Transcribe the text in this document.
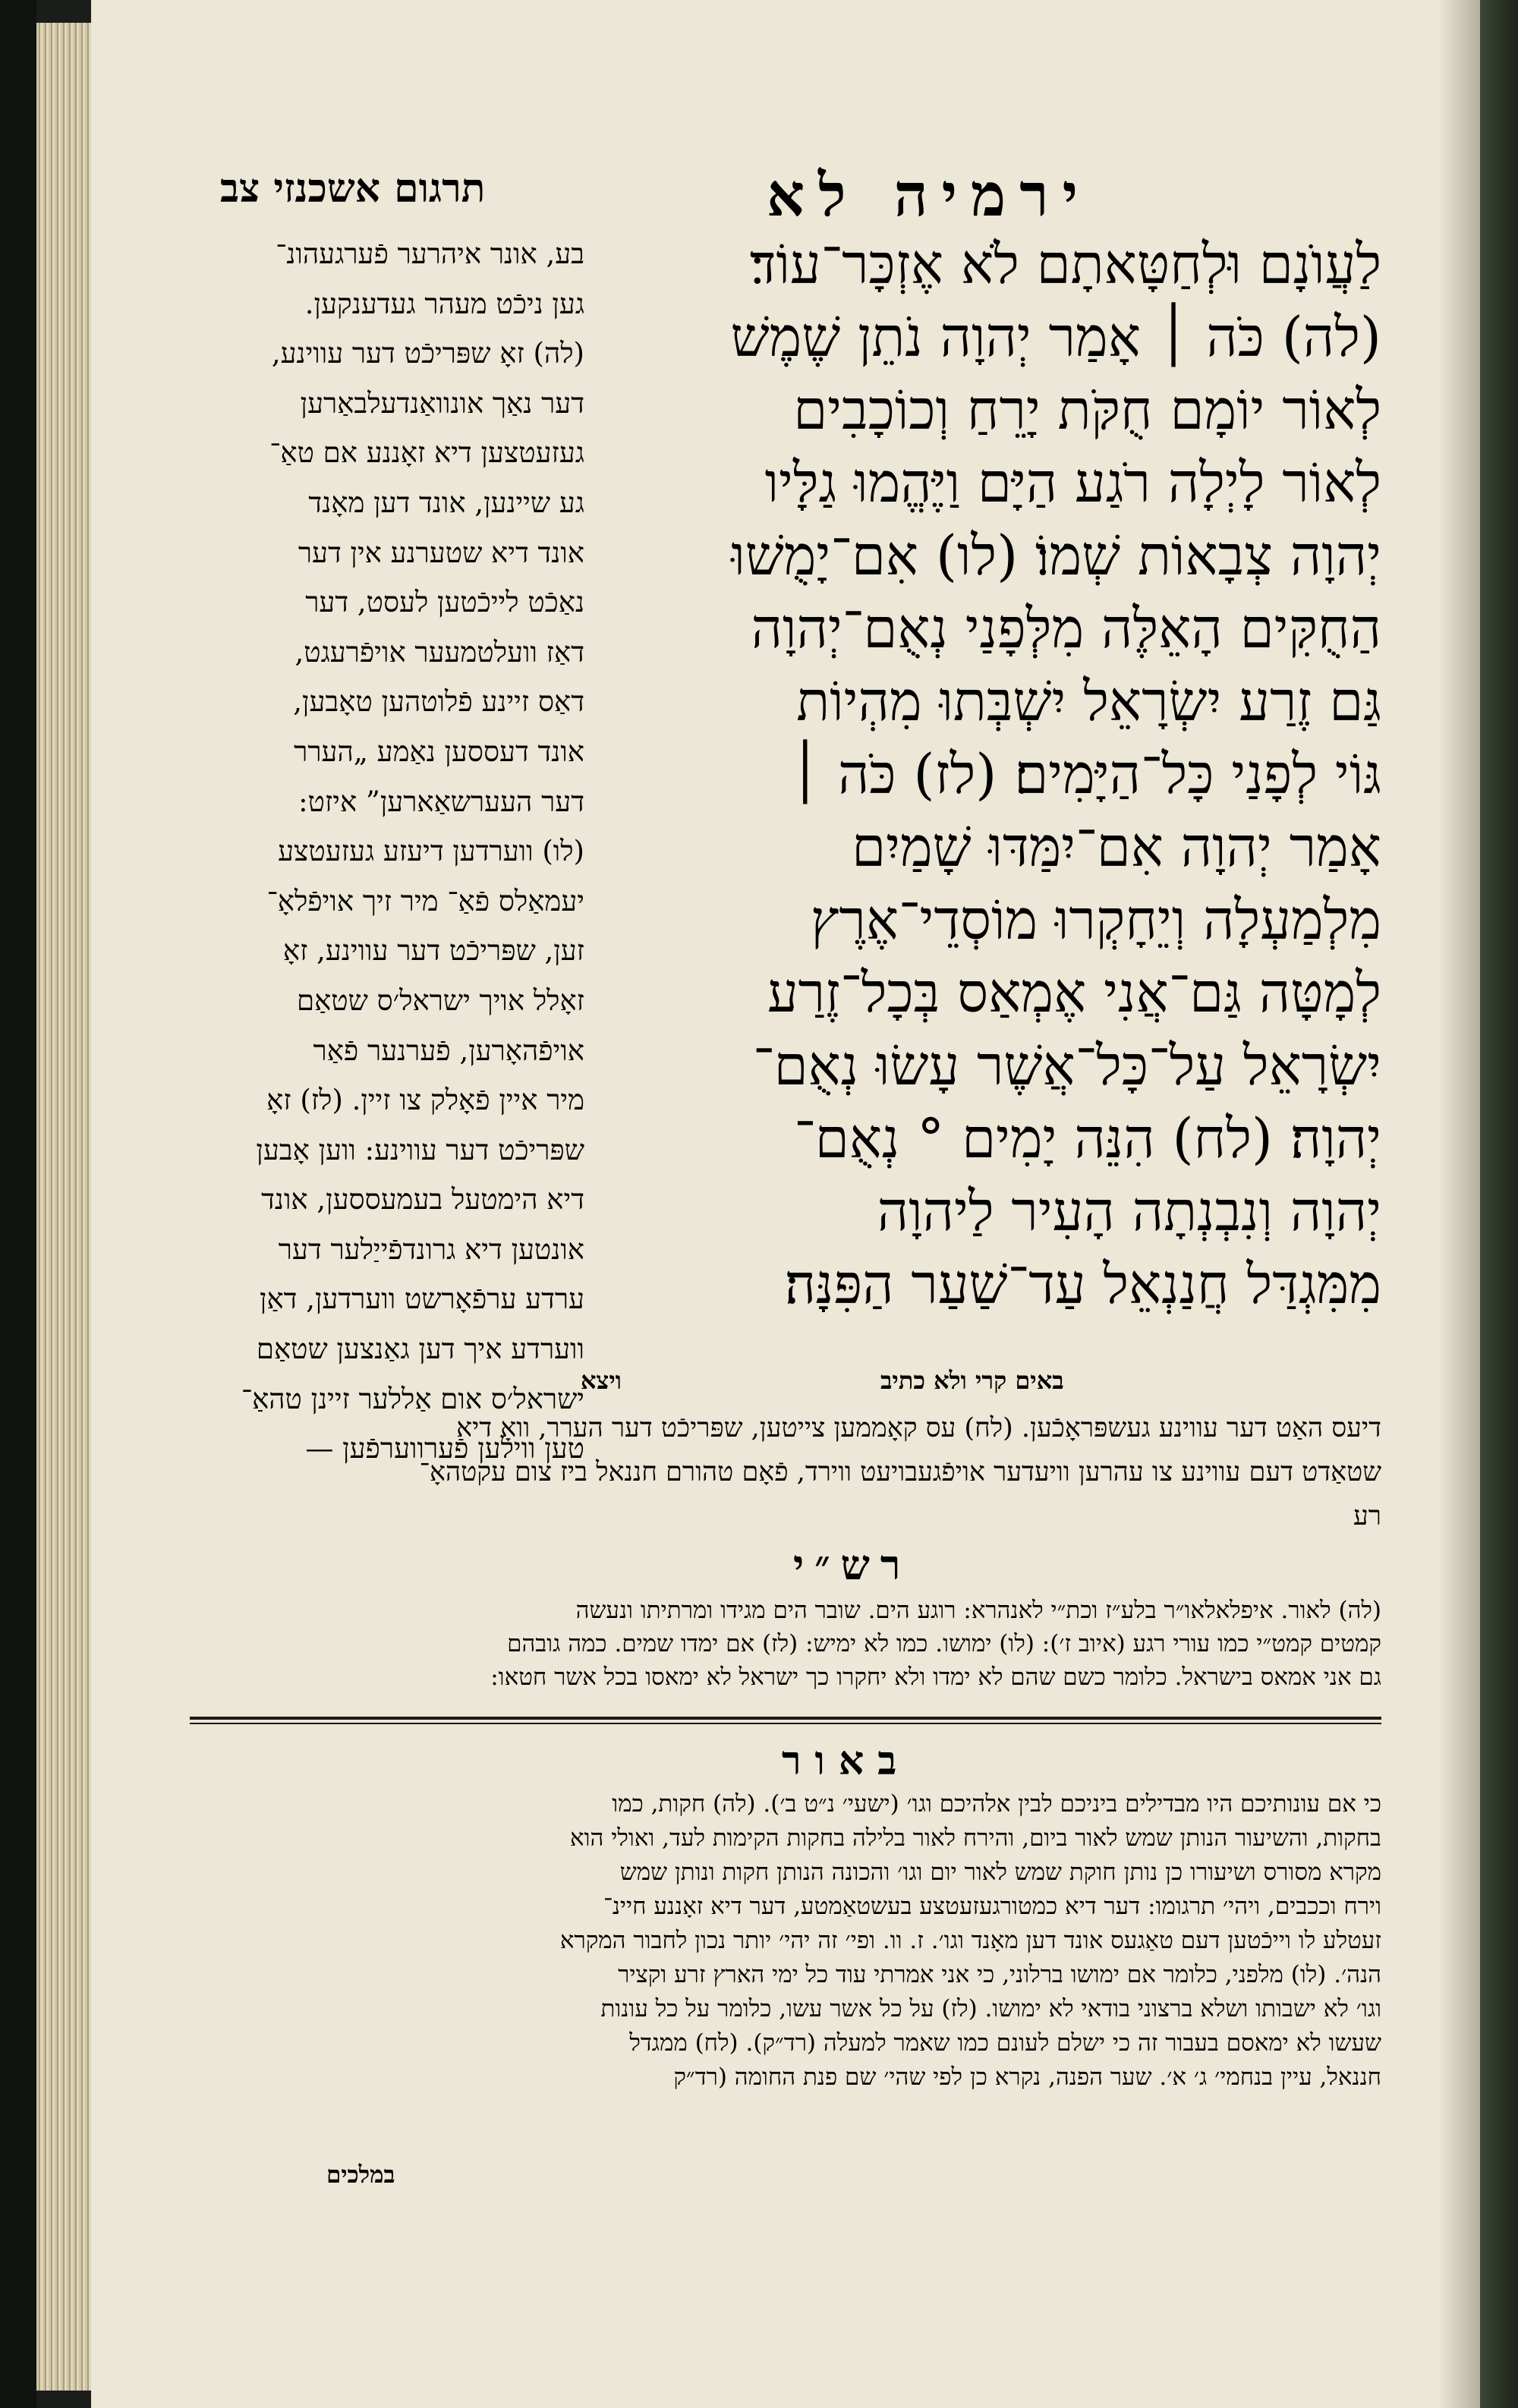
תרגום אשכנזי צב	ירמיה לא
לַעֲוֺנָם וּלְחַטָּאתָם לֹא אֶזְכָּר־עוֹד׃
(לה) כֹּה ׀ אָמַר יְהוָה נֹתֵן שֶׁמֶשׁ
לְאוֹר יוֹמָם חֻקֹּת יָרֵחַ וְכוֹכָבִים
לְאוֹר לָיְלָה רֹגַע הַיָּם וַיֶּהֱמוּ גַלָּיו
יְהוָה צְבָאוֹת שְׁמוֹ׃ (לו) אִם־יָמֻשׁוּ
הַחֻקִּים הָאֵלֶּה מִלְּפָנַי נְאֻם־יְהוָה
גַּם זֶרַע יִשְׂרָאֵל יִשְׁבְּתוּ מִהְיוֹת
גּוֹי לְפָנַי כָּל־הַיָּמִים׃ (לז) כֹּה ׀
אָמַר יְהוָה אִם־יִמַּדּוּ שָׁמַיִם
מִלְמַעְלָה וְיֵחָקְרוּ מוֹסְדֵי־אֶרֶץ
לְמָטָּה גַּם־אֲנִי אֶמְאַס בְּכָל־זֶרַע
יִשְׂרָאֵל עַל־כָּל־אֲשֶׁר עָשׂוּ נְאֻם־
יְהוָה׃ (לח) הִנֵּה יָמִים ° נְאֻם־
יְהוָה וְנִבְנְתָה הָעִיר לַיהוָה
מִמִּגְדַּל חֲנַנְאֵל עַד־שַׁעַר הַפִּנָּה׃
בע, אונר איהרער פֿערגעהונ־
גען ניכֿט מעהר געדענקען.
(לה) זאָ שפּריכֿט דער עווינע,
דער נאַך אונוואַנדעלבאַרען
געזעטצען דיא זאָננע אם טאַ־
גע שיינען, אונד דען מאָנד
אונד דיא שטערנע אין דער
נאַכֿט לייכֿטען לעסט, דער
דאַז וועלטמעער אויפֿרעגט,
דאַס זיינע פֿלוטהען טאָבען,
אונד דעססען נאַמע „הערר
דער העערשאַארען” איזט:
(לו) ווערדען דיעזע געזעטצע
יעמאַלס פֿאַ־ מיר זיך אויפֿלאָ־
זען, שפּריכֿט דער עווינע, זאָ
זאָלל אויך ישראל׳ס שטאַם
אויפֿהאָרען, פֿערנער פֿאַר
מיר איין פֿאָלק צו זיין. (לז) זאָ
שפּריכֿט דער עווינע: ווען אָבען
דיא הימטעל בעמעססען, אונד
אונטען דיא גרונדפֿייַלער דער
ערדע ערפֿאָרשט ווערדען, דאַן
ווערדע איך דען גאַנצען שטאַם
ישראל׳ס אום אַללער זיינן טהאַ־
טען ווילען פֿערווערפֿען —
ויצא	באים קרי ולא כתיב
דיעס האַט דער עווינע געשפּראָכֿען. (לח) עס קאָממען צייטען, שפּריכֿט דער הערר, וואָ דיא
שטאַדט דעם עווינע צו עהרען וויעדער אויפֿגעבויעט ווירד, פֿאָם טהורם חננאל ביז צום עקטהאָ־
רע
רש״י
(לה) לאור. איפלאלאו״ר בלע״ז וכת״י לאנהרא: רוגע הים. שובר הים מגידו ומרתיתו ונעשה
קמטים קמט״י כמו עורי רגע (איוב ז׳): (לו) ימושו. כמו לא ימיש: (לז) אם ימדו שמים. כמה גובהם
גם אני אמאס בישראל. כלומר כשם שהם לא ימדו ולא יחקרו כך ישראל לא ימאסו בכל אשר חטאו:
באור
כי אם עונותיכם היו מבדילים ביניכם לבין אלהיכם וגו׳ (ישעי׳ נ״ט ב׳). (לה) חקות, כמו
בחקות, והשיעור הנותן שמש לאור ביום, והירח לאור בלילה בחקות הקימות לעד, ואולי הוא
מקרא מסורס ושיעורו כן נותן חוקת שמש לאור יום וגו׳ והכונה הנותן חקות ונותן שמש
וירח וככבים, ויהי׳ תרגומו: דער דיא כמטורגעזעטצע בעשטאַמטע, דער דיא זאָננע חיינ־
זעטלע לו וייכֿטען דעם טאַגעס אונד דען מאָנד וגו׳. ז. וו. ופי׳ זה יהי׳ יותר נכון לחבור המקרא
הנה׳. (לו) מלפני, כלומר אם ימושו ברלוני, כי אני אמרתי עוד כל ימי הארץ זרע וקציר
וגו׳ לא ישבותו ושלא ברצוני בודאי לא ימושו. (לז) על כל אשר עשו, כלומר על כל עונות
שעשו לא ימאסם בעבור זה כי ישלם לעונם כמו שאמר למעלה (רד״ק). (לח) ממגדל
חננאל, עיין בנחמי׳ ג׳ א׳. שער הפנה, נקרא כן לפי שהי׳ שם פנת החומה (רד״ק
במלכים
